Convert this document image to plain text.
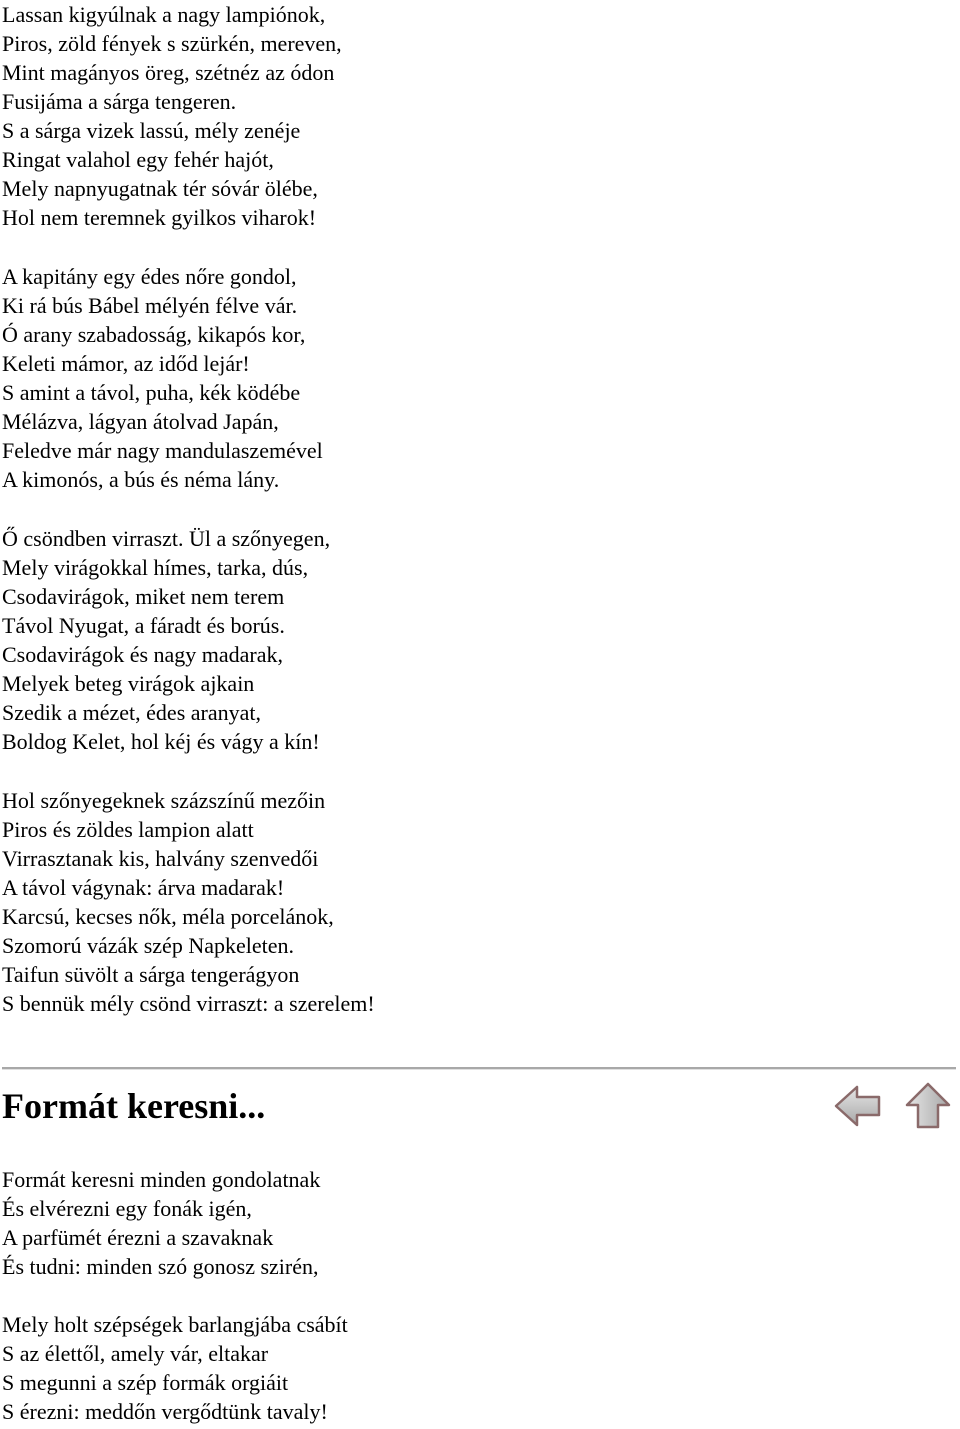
Lassan kigyúlnak a nagy lampiónok,
Piros, zöld fények s szürkén, mereven,
Mint magányos öreg, szétnéz az ódon
Fusijáma a sárga tengeren.
S a sárga vizek lassú, mély zenéje
Ringat valahol egy fehér hajót,
Mely napnyugatnak tér sóvár ölébe,
Hol nem teremnek gyilkos viharok!
A kapitány egy édes nőre gondol,
Ki rá bús Bábel mélyén félve vár.
Ó arany szabadosság, kikapós kor,
Keleti mámor, az időd lejár!
S amint a távol, puha, kék ködébe
Mélázva, lágyan átolvad Japán,
Feledve már nagy mandulaszemével
A kimonós, a bús és néma lány.
Ő csöndben virraszt. Ül a szőnyegen,
Mely virágokkal hímes, tarka, dús,
Csodavirágok, miket nem terem
Távol Nyugat, a fáradt és borús.
Csodavirágok és nagy madarak,
Melyek beteg virágok ajkain
Szedik a mézet, édes aranyat,
Boldog Kelet, hol kéj és vágy a kín!
Hol szőnyegeknek százszínű mezőin
Piros és zöldes lampion alatt
Virrasztanak kis, halvány szenvedői
A távol vágynak: árva madarak!
Karcsú, kecses nők, méla porcelánok,
Szomorú vázák szép Napkeleten.
Taifun süvölt a sárga tengerágyon
S bennük mély csönd virraszt: a szerelem!
Formát keresni...
Formát keresni minden gondolatnak
És elvérezni egy fonák igén,
A parfümét érezni a szavaknak
És tudni: minden szó gonosz szirén,
Mely holt szépségek barlangjába csábít
S az élettől, amely vár, eltakar
S megunni a szép formák orgiáit
S érezni: meddőn vergődtünk tavaly!
